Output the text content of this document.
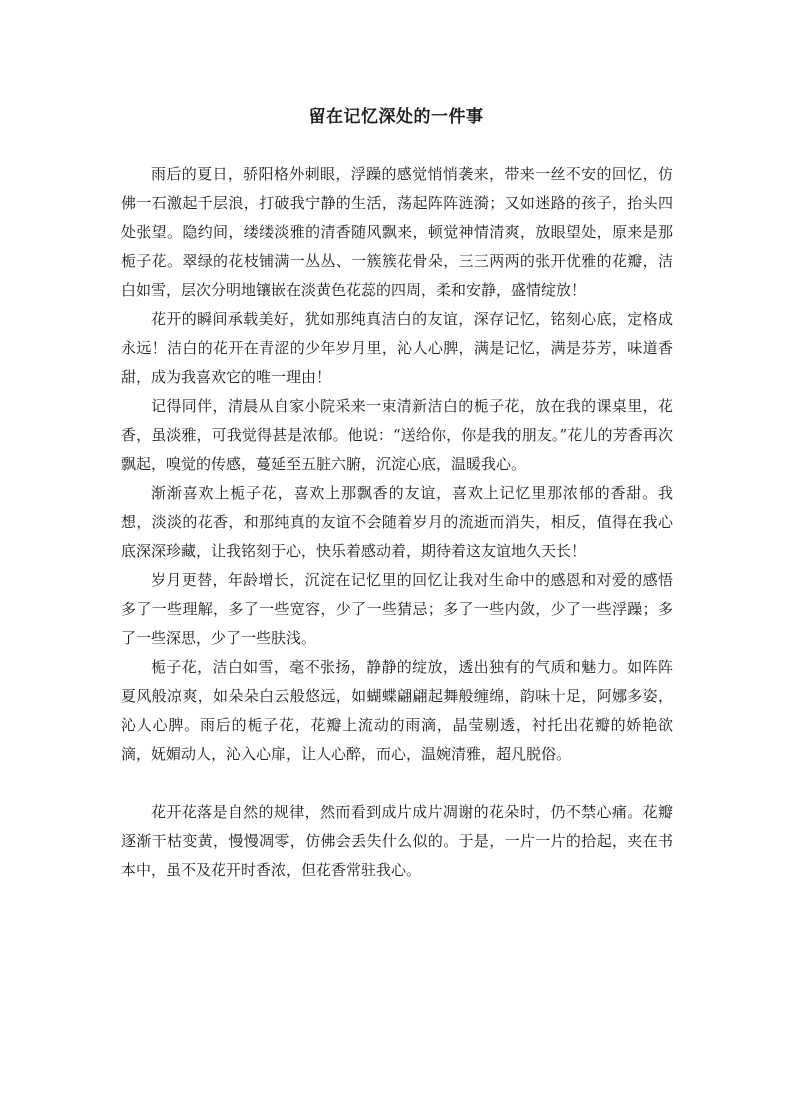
留在记忆深处的一件事

雨后的夏日，骄阳格外刺眼，浮躁的感觉悄悄袭来，带来一丝不安的回忆，仿佛一石激起千层浪，打破我宁静的生活，荡起阵阵涟漪；又如迷路的孩子，抬头四处张望。隐约间，缕缕淡雅的清香随风飘来，顿觉神情清爽，放眼望处，原来是那栀子花。翠绿的花枝铺满一丛丛、一簇簇花骨朵，三三两两的张开优雅的花瓣，洁白如雪，层次分明地镶嵌在淡黄色花蕊的四周，柔和安静，盛情绽放！

花开的瞬间承载美好，犹如那纯真洁白的友谊，深存记忆，铭刻心底，定格成永远！洁白的花开在青涩的少年岁月里，沁人心脾，满是记忆，满是芬芳，味道香甜，成为我喜欢它的唯一理由！

记得同伴，清晨从自家小院采来一束清新洁白的栀子花，放在我的课桌里，花香，虽淡雅，可我觉得甚是浓郁。他说：“送给你，你是我的朋友。”花儿的芳香再次飘起，嗅觉的传感，蔓延至五脏六腑，沉淀心底，温暖我心。

渐渐喜欢上栀子花，喜欢上那飘香的友谊，喜欢上记忆里那浓郁的香甜。我想，淡淡的花香，和那纯真的友谊不会随着岁月的流逝而消失，相反，值得在我心底深深珍藏，让我铭刻于心，快乐着感动着，期待着这友谊地久天长！

岁月更替，年龄增长，沉淀在记忆里的回忆让我对生命中的感恩和对爱的感悟多了一些理解，多了一些宽容，少了一些猜忌；多了一些内敛，少了一些浮躁；多了一些深思，少了一些肤浅。

栀子花，洁白如雪，毫不张扬，静静的绽放，透出独有的气质和魅力。如阵阵夏风般凉爽，如朵朵白云般悠远，如蝴蝶翩翩起舞般缠绵，韵味十足，阿娜多姿，沁人心脾。雨后的栀子花，花瓣上流动的雨滴，晶莹剔透，衬托出花瓣的娇艳欲滴，妩媚动人，沁入心扉，让人心醉，而心，温婉清雅，超凡脱俗。

花开花落是自然的规律，然而看到成片成片凋谢的花朵时，仍不禁心痛。花瓣逐渐干枯变黄，慢慢凋零，仿佛会丢失什么似的。于是，一片一片的拾起，夹在书本中，虽不及花开时香浓，但花香常驻我心。
